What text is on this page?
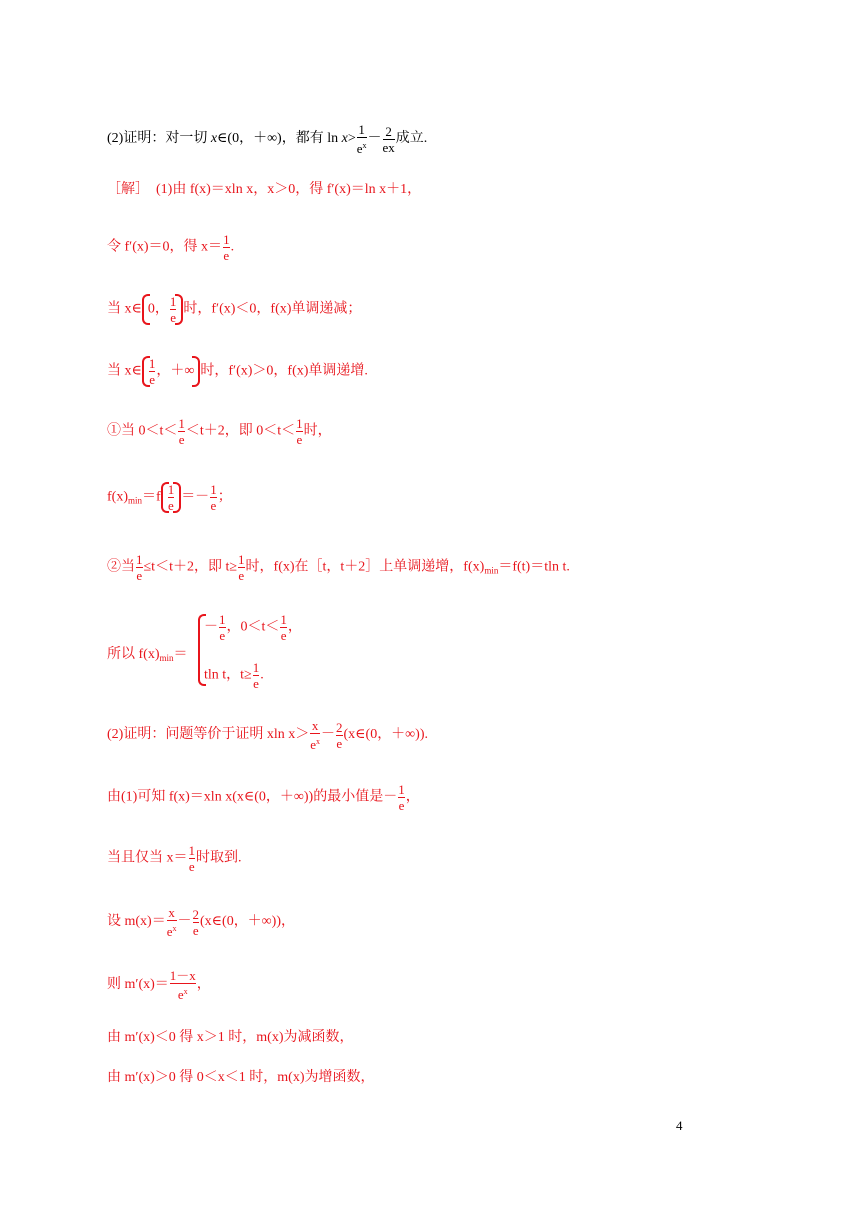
(2)证明：对一切 x∈(0，＋∞)，都有 $\ln x> \frac{1}{e^x} - \frac{2}{ex}$ 成立.
［解］　(1)由 f(x)＝xln x，x＞0，得 f′(x)＝ln x＋1，
令 f′(x)＝0，得 $x= \frac{1}{e}$ .
当 x∈ 0， $\frac{1}{e}$ 时，f′(x)＜0，f(x)单调递减；
当 x∈ $\frac{1}{e}$ ，＋∞ 时，f′(x)＞0，f(x)单调递增.
①当 $0<t< \frac{1}{e} <t+2$，即 $0<t< \frac{1}{e}$ 时，
$f(x)_{min}=f \frac{1}{e} =- \frac{1}{e}$ ；
②当 $\frac{1}{e} \le t<t+2$，即 $t\ge \frac{1}{e}$ 时，f(x)在［t，t＋2］上单调递增，$f(x)_{min}=f(t)=tln$ t.
所以 $f(x)_{min}=$
－ $\frac{1}{e}$ ，$0<t< \frac{1}{e}$ ，
tln t，$t\ge \frac{1}{e}$ .
(2)证明：问题等价于证明 xln $x> \frac{x}{e^x} - \frac{2}{e}$ (x∈(0，＋∞)).
由(1)可知 f(x)＝xln x(x∈(0，＋∞))的最小值是－ $\frac{1}{e}$ ，
当且仅当 $x= \frac{1}{e}$ 时取到.
设 $m(x)= \frac{x}{e^x} - \frac{2}{e}$ (x∈(0，＋∞))，
则 $m'(x)= \frac{1-x}{e^x}$ ，
由 m′(x)＜0 得 x＞1 时，m(x)为减函数，
由 m′(x)＞0 得 0＜x＜1 时，m(x)为增函数，
4
